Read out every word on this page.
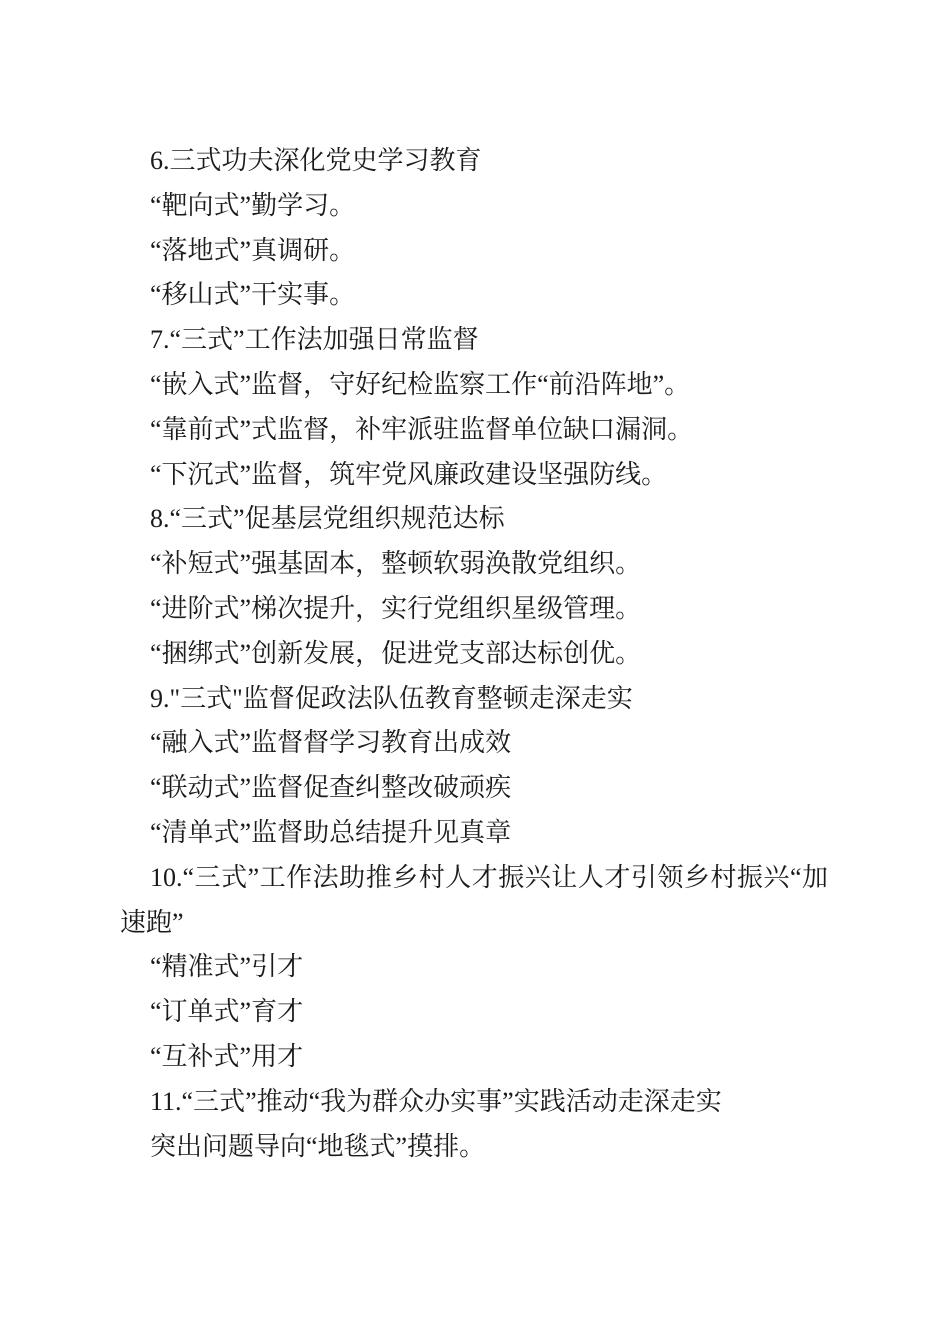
6.三式功夫深化党史学习教育

“靶向式”勤学习。

“落地式”真调研。

“移山式”干实事。

7.“三式”工作法加强日常监督

“嵌入式”监督，守好纪检监察工作“前沿阵地”。

“靠前式”式监督，补牢派驻监督单位缺口漏洞。

“下沉式”监督，筑牢党风廉政建设坚强防线。

8.“三式”促基层党组织规范达标

“补短式”强基固本，整顿软弱涣散党组织。

“进阶式”梯次提升，实行党组织星级管理。

“捆绑式”创新发展，促进党支部达标创优。

9."三式"监督促政法队伍教育整顿走深走实

“融入式”监督督学习教育出成效

“联动式”监督促查纠整改破顽疾

“清单式”监督助总结提升见真章

10.“三式”工作法助推乡村人才振兴让人才引领乡村振兴“加速跑”

“精准式”引才

“订单式”育才

“互补式”用才

11.“三式”推动“我为群众办实事”实践活动走深走实

突出问题导向“地毯式”摸排。
